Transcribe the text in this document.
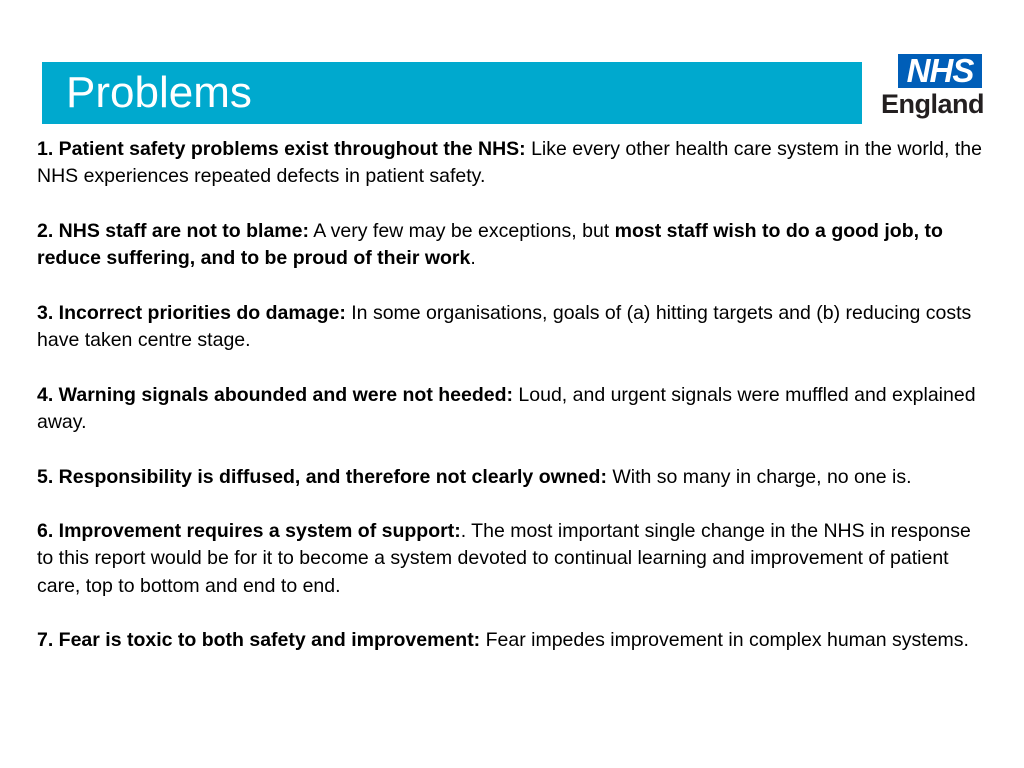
Problems	NHS
England

1. Patient safety problems exist throughout the NHS: Like every other health care system in the world, the NHS experiences repeated defects in patient safety.

2. NHS staff are not to blame: A very few may be exceptions, but most staff wish to do a good job, to reduce suffering, and to be proud of their work.

3. Incorrect priorities do damage: In some organisations, goals of (a) hitting targets and (b) reducing costs have taken centre stage.

4. Warning signals abounded and were not heeded: Loud, and urgent signals were muffled and explained away.

5. Responsibility is diffused, and therefore not clearly owned: With so many in charge, no one is.

6. Improvement requires a system of support:. The most important single change in the NHS in response to this report would be for it to become a system devoted to continual learning and improvement of patient care, top to bottom and end to end.

7. Fear is toxic to both safety and improvement: Fear impedes improvement in complex human systems.
